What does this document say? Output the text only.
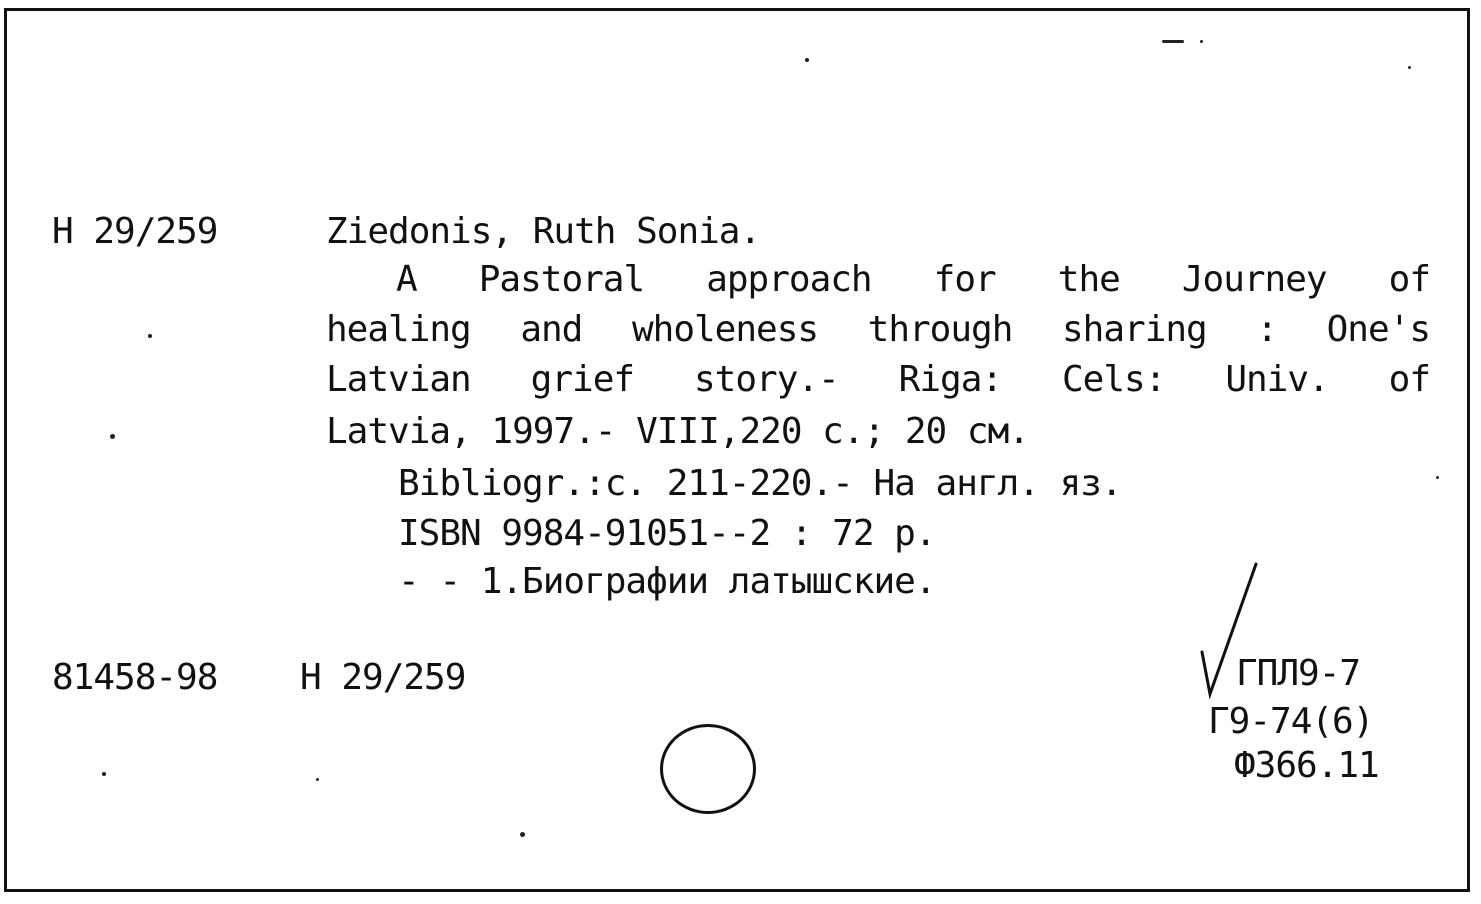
H 29/259	Ziedonis, Ruth Sonia.
A Pastoral approach for the Journey of
healing and wholeness through sharing : One's
Latvian grief story.- Riga: Cels: Univ. of
Latvia, 1997.- VIII,220 c.; 20 cм.
Bibliogr.:c. 211-220.- На англ. яз.
ISBN 9984-91051--2 : 72 p.
- - 1.Биографии латышские.
81458-98 H 29/259	ГПЛ9-7
Г9-74(6)
Ф366.11
